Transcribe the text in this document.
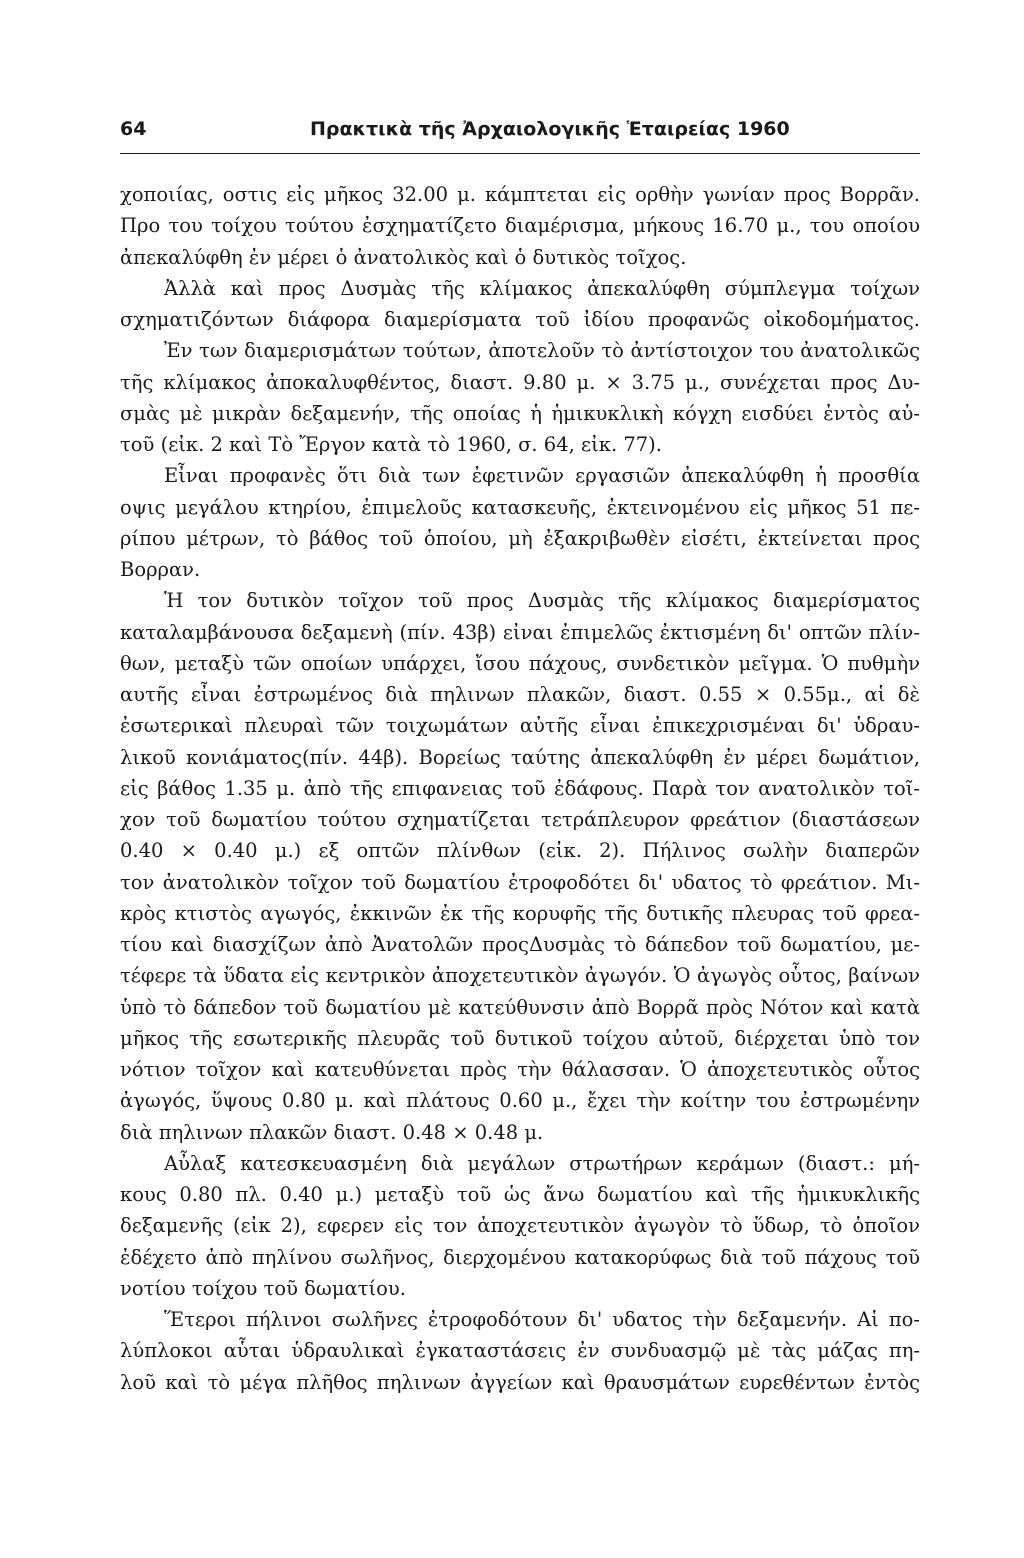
64	Πρακτικὰ τῆς Ἀρχαιολογικῆς Ἑταιρείας 1960
χοποιίας, οστις εἰς μῆκος 32.00 μ. κάμπτεται εἰς ορθὴν γωνίαν προς Βορρᾶν.
Προ του τοίχου τούτου ἐσχηματίζετο διαμέρισμα, μήκους 16.70 μ., του οποίου
ἀπεκαλύφθη ἐν μέρει ὁ ἀνατολικὸς καὶ ὁ δυτικὸς τοῖχος.
Ἀλλὰ καὶ προς Δυσμὰς τῆς κλίμακος ἀπεκαλύφθη σύμπλεγμα τοίχων
σχηματιζόντων διάφορα διαμερίσματα τοῦ ἰδίου προφανῶς οἰκοδομήματος.
Ἐν των διαμερισμάτων τούτων, ἀποτελοῦν τὸ ἀντίστοιχον του ἀνατολικῶς
τῆς κλίμακος ἀποκαλυφθέντος, διαστ. 9.80 μ. × 3.75 μ., συνέχεται προς Δυ-
σμὰς μὲ μικρὰν δεξαμενήν, τῆς οποίας ἡ ἡμικυκλικὴ κόγχη εισδύει ἐντὸς αὐ-
τοῦ (εἰκ. 2 καὶ Τὸ Ἔργον κατὰ τὸ 1960, σ. 64, εἰκ. 77).
Εἶναι προφανὲς ὅτι διὰ των ἐφετινῶν εργασιῶν ἀπεκαλύφθη ἡ προσθία
οψις μεγάλου κτηρίου, ἐπιμελοῦς κατασκευῆς, ἐκτεινομένου εἰς μῆκος 51 πε-
ρίπου μέτρων, τὸ βάθος τοῦ ὁποίου, μὴ ἐξακριβωθὲν εἰσέτι, ἐκτείνεται προς
Βορραν.
Ἡ τον δυτικὸν τοῖχον τοῦ προς Δυσμὰς τῆς κλίμακος διαμερίσματος
καταλαμβάνουσα δεξαμενὴ (πίν. 43β) εἰναι ἐπιμελῶς ἐκτισμένη δι' οπτῶν πλίν-
θων, μεταξὺ τῶν οποίων υπάρχει, ἴσου πάχους, συνδετικὸν μεῖγμα. Ὁ πυθμὴν
αυτῆς εἶναι ἐστρωμένος διὰ πηλινων πλακῶν, διαστ. 0.55 × 0.55μ., αἱ δὲ
ἐσωτερικαὶ πλευραὶ τῶν τοιχωμάτων αὐτῆς εἶναι ἐπικεχρισμέναι δι' ὑδραυ-
λικοῦ κονιάματος(πίν. 44β). Βορείως ταύτης ἀπεκαλύφθη ἐν μέρει δωμάτιον,
εἰς βάθος 1.35 μ. ἀπὸ τῆς επιφανειας τοῦ ἐδάφους. Παρὰ τον ανατολικὸν τοῖ-
χον τοῦ δωματίου τούτου σχηματίζεται τετράπλευρον φρεάτιον (διαστάσεων
0.40 × 0.40 μ.) εξ οπτῶν πλίνθων (εἰκ. 2). Πήλινος σωλὴν διαπερῶν
τον ἀνατολικὸν τοῖχον τοῦ δωματίου ἐτροφοδότει δι' υδατος τὸ φρεάτιον. Μι-
κρὸς κτιστὸς αγωγός, ἐκκινῶν ἐκ τῆς κορυφῆς τῆς δυτικῆς πλευρας τοῦ φρεα-
τίου καὶ διασχίζων ἀπὸ Ἀνατολῶν προςΔυσμὰς τὸ δάπεδον τοῦ δωματίου, με-
τέφερε τὰ ὕδατα εἰς κεντρικὸν ἀποχετευτικὸν ἀγωγόν. Ὁ ἀγωγὸς οὗτος, βαίνων
ὑπὸ τὸ δάπεδον τοῦ δωματίου μὲ κατεύθυνσιν ἀπὸ Βορρᾶ πρὸς Νότον καὶ κατὰ
μῆκος τῆς εσωτερικῆς πλευρᾶς τοῦ δυτικοῦ τοίχου αὐτοῦ, διέρχεται ὑπὸ τον
νότιον τοῖχον καὶ κατευθύνεται πρὸς τὴν θάλασσαν. Ὁ ἀποχετευτικὸς οὗτος
ἀγωγός, ὕψους 0.80 μ. καὶ πλάτους 0.60 μ., ἔχει τὴν κοίτην του ἐστρωμένην
διὰ πηλινων πλακῶν διαστ. 0.48 × 0.48 μ.
Αὖλαξ κατεσκευασμένη διὰ μεγάλων στρωτήρων κεράμων (διαστ.: μή-
κους 0.80 πλ. 0.40 μ.) μεταξὺ τοῦ ὡς ἄνω δωματίου καὶ τῆς ἡμικυκλικῆς
δεξαμενῆς (εἰκ 2), εφερεν εἰς τον ἀποχετευτικὸν ἀγωγὸν τὸ ὕδωρ, τὸ ὁποῖον
ἐδέχετο ἀπὸ πηλίνου σωλῆνος, διερχομένου κατακορύφως διὰ τοῦ πάχους τοῦ
νοτίου τοίχου τοῦ δωματίου.
Ἕτεροι πήλινοι σωλῆνες ἐτροφοδότουν δι' υδατος τὴν δεξαμενήν. Αἱ πο-
λύπλοκοι αὗται ὑδραυλικαὶ ἐγκαταστάσεις ἐν συνδυασμῷ μὲ τὰς μάζας πη-
λοῦ καὶ τὸ μέγα πλῆθος πηλινων ἀγγείων καὶ θραυσμάτων ευρεθέντων ἐντὸς
